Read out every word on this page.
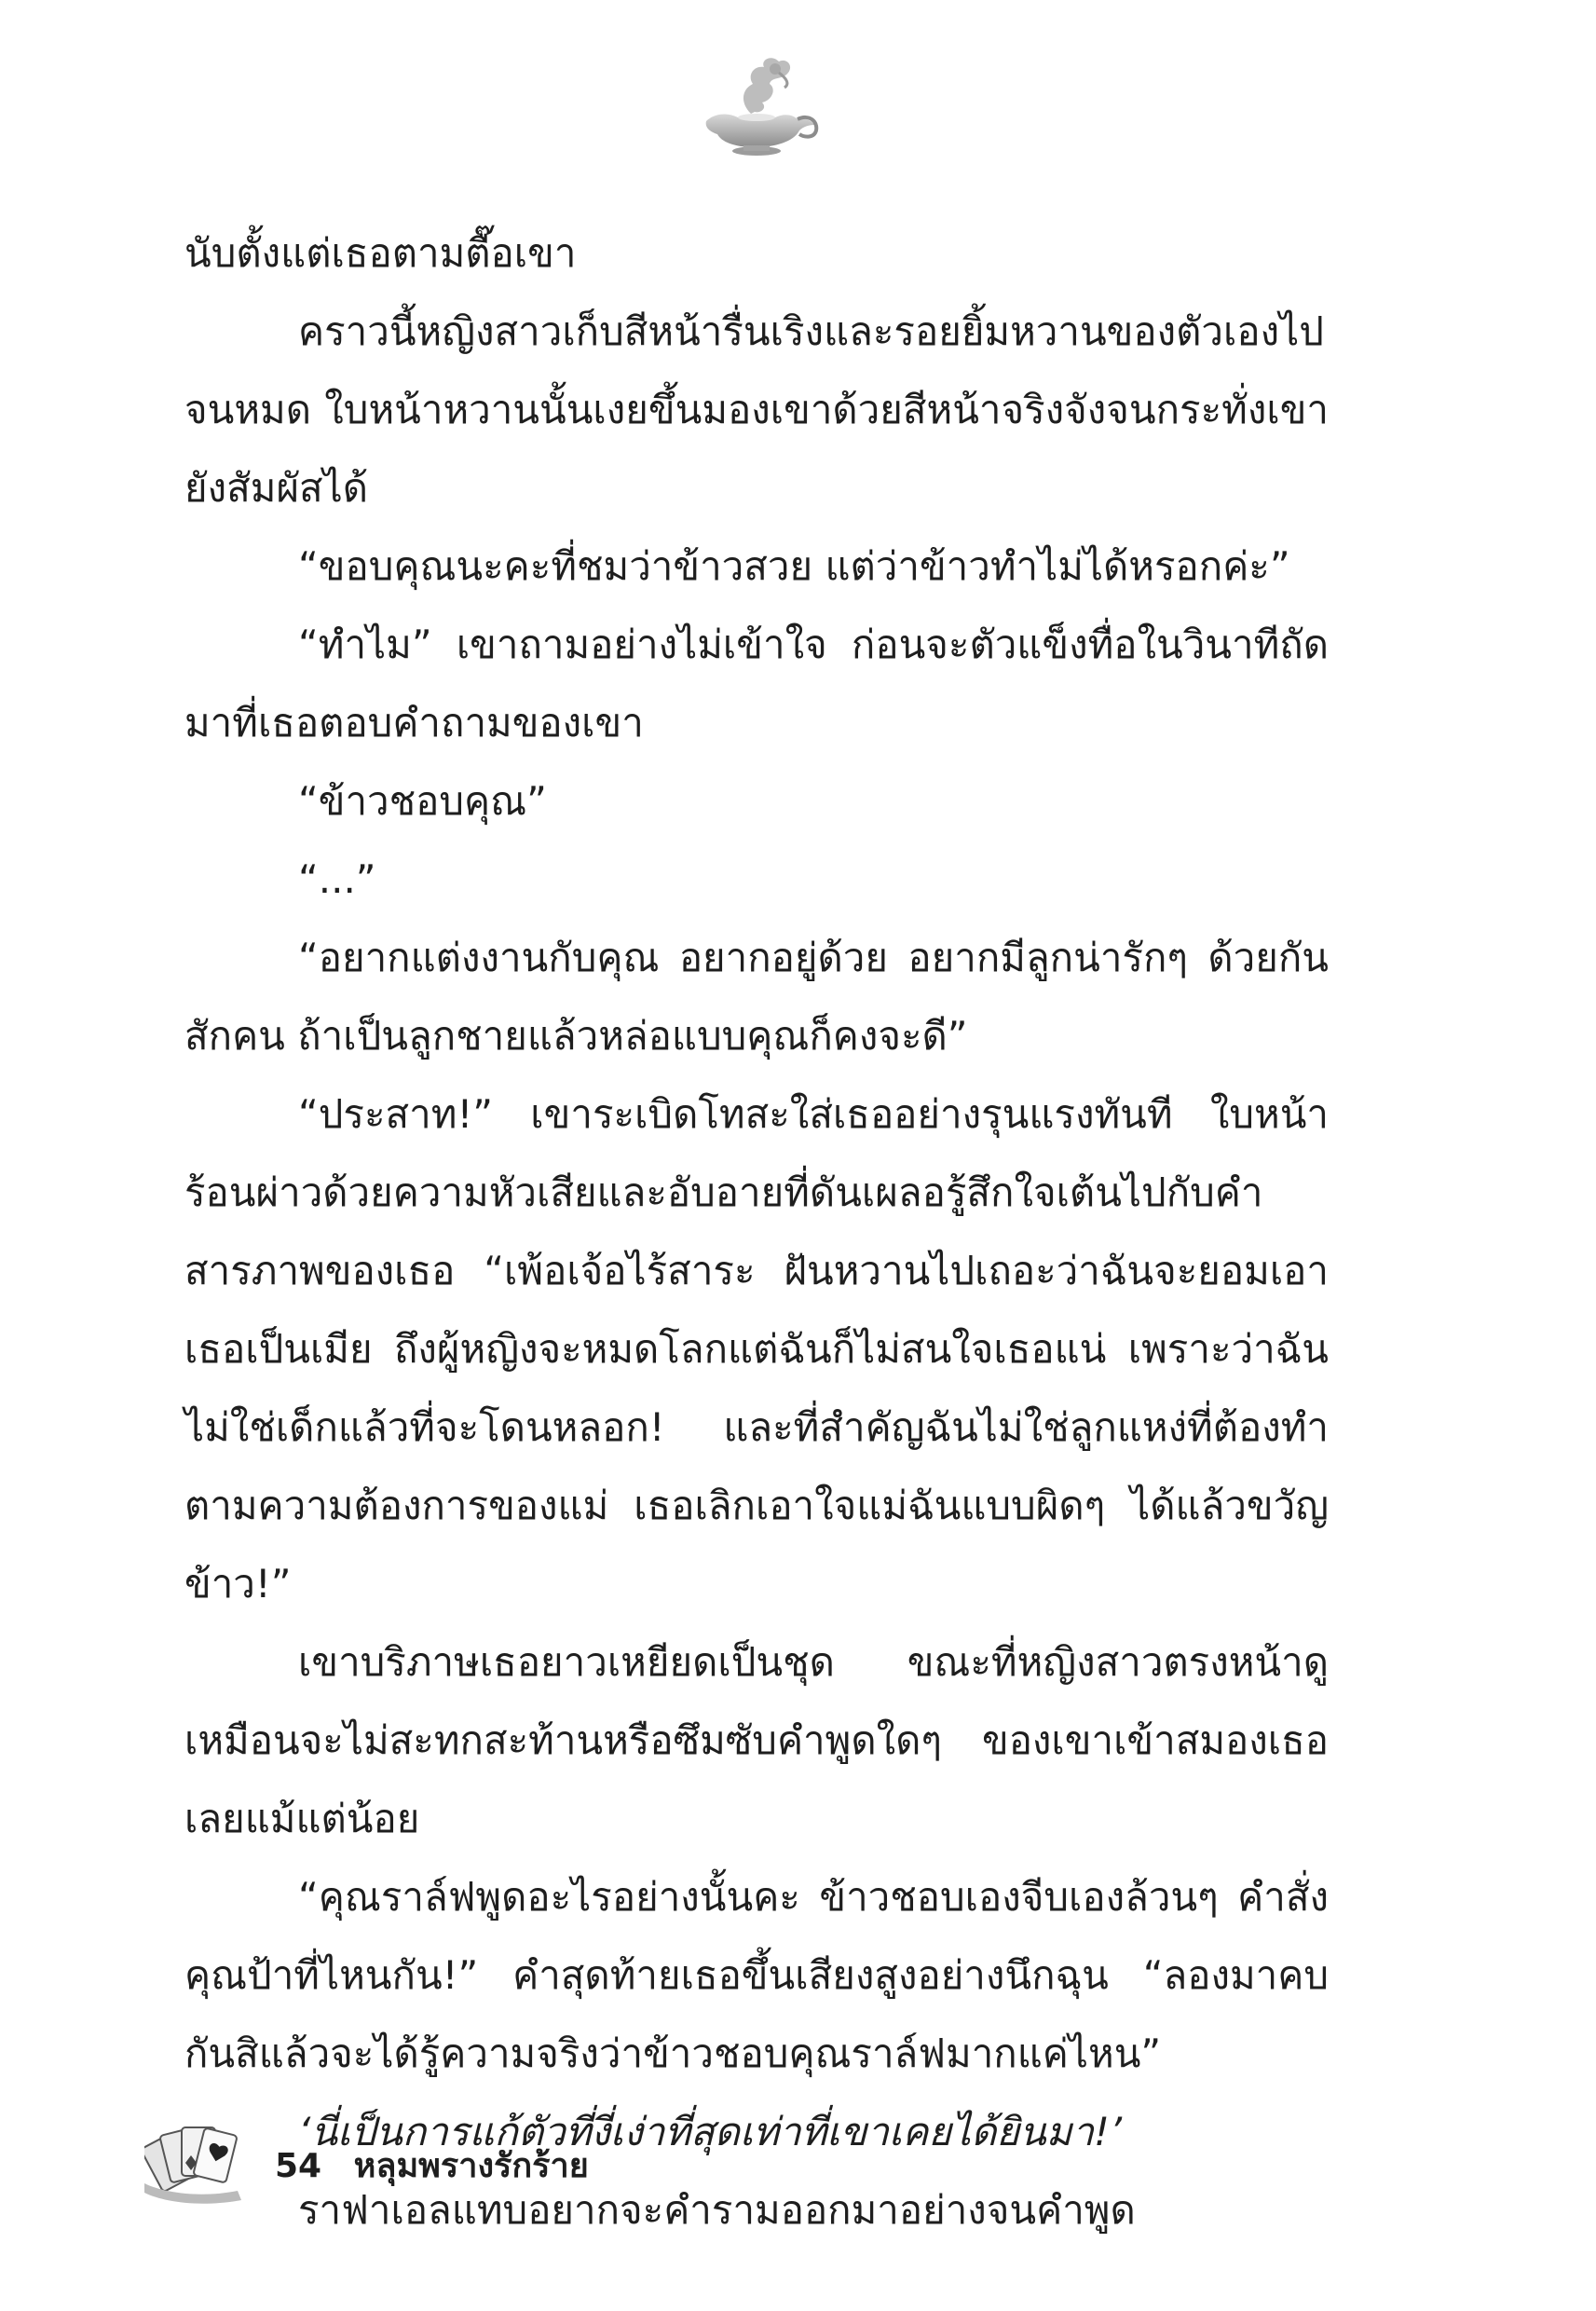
นับตั้งแต่เธอตามตื๊อเขา

คราวนี้หญิงสาวเก็บสีหน้ารื่นเริงและรอยยิ้มหวานของตัวเองไปจนหมด ใบหน้าหวานนั้นเงยขึ้นมองเขาด้วยสีหน้าจริงจังจนกระทั่งเขายังสัมผัสได้

“ขอบคุณนะคะที่ชมว่าข้าวสวย แต่ว่าข้าวทำไม่ได้หรอกค่ะ”

“ทำไม” เขาถามอย่างไม่เข้าใจ ก่อนจะตัวแข็งทื่อในวินาทีถัดมาที่เธอตอบคำถามของเขา

“ข้าวชอบคุณ”

“...”

“อยากแต่งงานกับคุณ อยากอยู่ด้วย อยากมีลูกน่ารักๆ ด้วยกันสักคน ถ้าเป็นลูกชายแล้วหล่อแบบคุณก็คงจะดี”

“ประสาท!” เขาระเบิดโทสะใส่เธออย่างรุนแรงทันที ใบหน้าร้อนผ่าวด้วยความหัวเสียและอับอายที่ดันเผลอรู้สึกใจเต้นไปกับคำสารภาพของเธอ “เพ้อเจ้อไร้สาระ ฝันหวานไปเถอะว่าฉันจะยอมเอาเธอเป็นเมีย ถึงผู้หญิงจะหมดโลกแต่ฉันก็ไม่สนใจเธอแน่ เพราะว่าฉันไม่ใช่เด็กแล้วที่จะโดนหลอก! และที่สำคัญฉันไม่ใช่ลูกแหง่ที่ต้องทำตามความต้องการของแม่ เธอเลิกเอาใจแม่ฉันแบบผิดๆ ได้แล้วขวัญข้าว!”

เขาบริภาษเธอยาวเหยียดเป็นชุด ขณะที่หญิงสาวตรงหน้าดูเหมือนจะไม่สะทกสะท้านหรือซึมซับคำพูดใดๆ ของเขาเข้าสมองเธอเลยแม้แต่น้อย

“คุณราล์ฟพูดอะไรอย่างนั้นคะ ข้าวชอบเองจีบเองล้วนๆ คำสั่งคุณป้าที่ไหนกัน!” คำสุดท้ายเธอขึ้นเสียงสูงอย่างนึกฉุน “ลองมาคบกันสิแล้วจะได้รู้ความจริงว่าข้าวชอบคุณราล์ฟมากแค่ไหน”

‘นี่เป็นการแก้ตัวที่งี่เง่าที่สุดเท่าที่เขาเคยได้ยินมา!’

ราฟาเอลแทบอยากจะคำรามออกมาอย่างจนคำพูด

54 หลุมพรางรักร้าย
